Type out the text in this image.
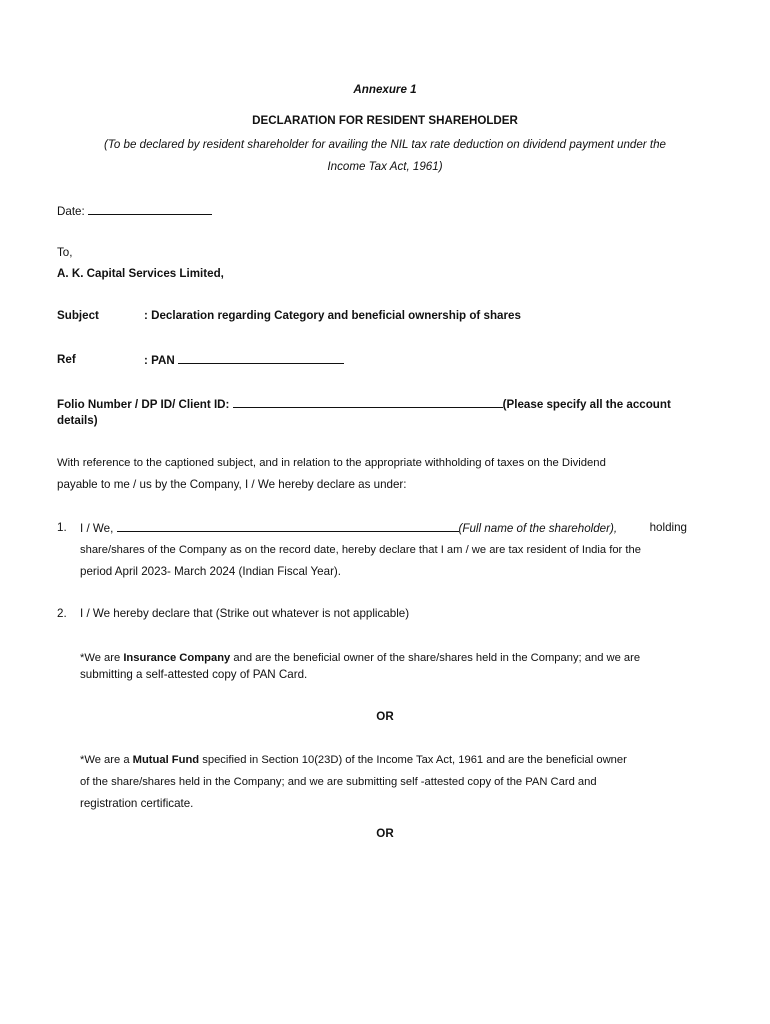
Annexure 1
DECLARATION FOR RESIDENT SHAREHOLDER
(To be declared by resident shareholder for availing the NIL tax rate deduction on dividend payment under the
Income Tax Act, 1961)
Date:
To,
A. K. Capital Services Limited,
Subject	: Declaration regarding Category and beneficial ownership of shares
Ref	: PAN
Folio Number / DP ID/ Client ID:	(Please specify all the account
details)
With reference to the captioned subject, and in relation to the appropriate withholding of taxes on the Dividend
payable to me / us by the Company, I / We hereby declare as under:
1. I / We,	(Full name of the shareholder),	holding
share/shares of the Company as on the record date, hereby declare that I am / we are tax resident of India for the
period April 2023- March 2024 (Indian Fiscal Year).
2. I / We hereby declare that (Strike out whatever is not applicable)
*We are Insurance Company and are the beneficial owner of the share/shares held in the Company; and we are
submitting a self-attested copy of PAN Card.
OR
*We are a Mutual Fund specified in Section 10(23D) of the Income Tax Act, 1961 and are the beneficial owner
of the share/shares held in the Company; and we are submitting self -attested copy of the PAN Card and
registration certificate.
OR
